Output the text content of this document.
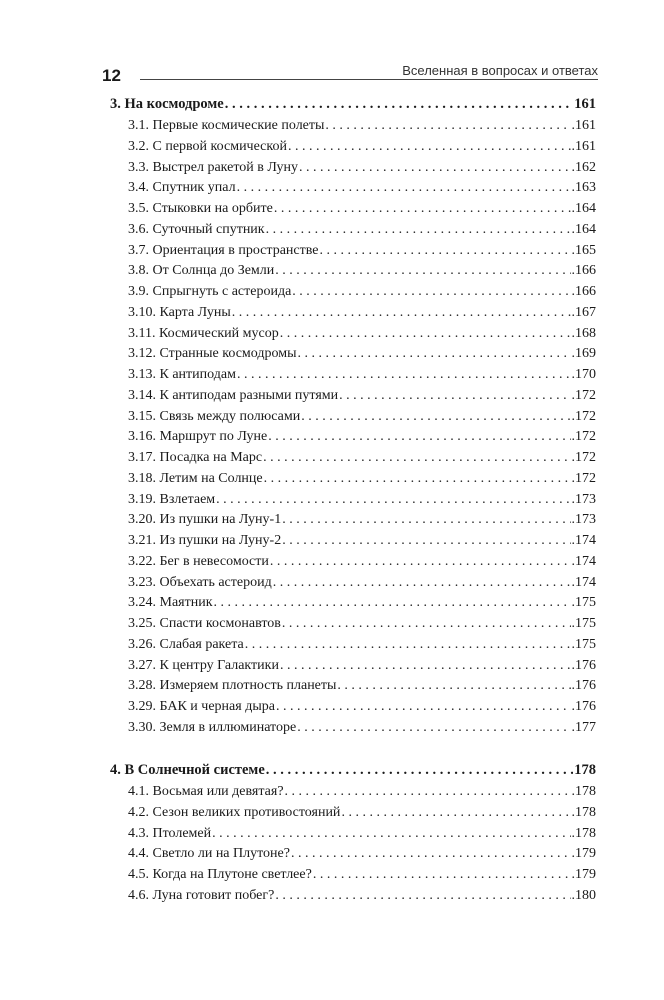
12	Вселенная в вопросах и ответах
3. На космодроме . . .	161
3.1. Первые космические полеты . . .	.161
3.2. С первой космической . . .	.161
3.3. Выстрел ракетой в Луну . . .	.162
3.4. Спутник упал . . .	.163
3.5. Стыковки на орбите . . .	.164
3.6. Суточный спутник . . .	.164
3.7. Ориентация в пространстве . . .	.165
3.8. От Солнца до Земли . . .	.166
3.9. Спрыгнуть с астероида . . .	.166
3.10. Карта Луны . . .	.167
3.11. Космический мусор . . .	.168
3.12. Странные космодромы . . .	.169
3.13. К антиподам . . .	.170
3.14. К антиподам разными путями . . .	.172
3.15. Связь между полюсами . . .	.172
3.16. Маршрут по Луне . . .	.172
3.17. Посадка на Марс . . .	.172
3.18. Летим на Солнце . . .	.172
3.19. Взлетаем . . .	.173
3.20. Из пушки на Луну-1 . . .	.173
3.21. Из пушки на Луну-2 . . .	.174
3.22. Бег в невесомости . . .	.174
3.23. Объехать астероид . . .	.174
3.24. Маятник . . .	.175
3.25. Спасти космонавтов . . .	.175
3.26. Слабая ракета . . .	.175
3.27. К центру Галактики . . .	.176
3.28. Измеряем плотность планеты . . .	.176
3.29. БАК и черная дыра . . .	.176
3.30. Земля в иллюминаторе . . .	.177
4. В Солнечной системе . . .	178
4.1. Восьмая или девятая? . . .	.178
4.2. Сезон великих противостояний . . .	.178
4.3. Птолемей . . .	.178
4.4. Светло ли на Плутоне? . . .	.179
4.5. Когда на Плутоне светлее? . . .	.179
4.6. Луна готовит побег? . . .	.180
